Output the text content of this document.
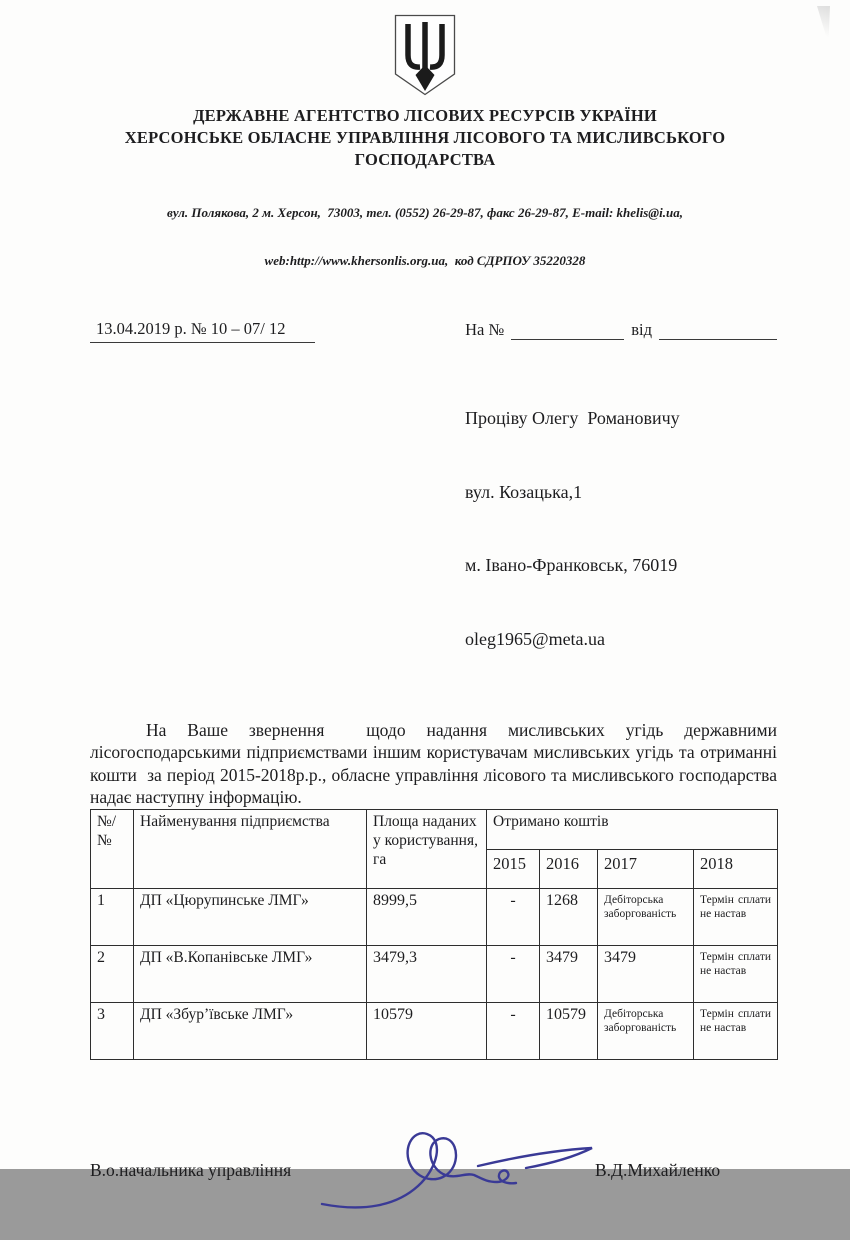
ДЕРЖАВНЕ АГЕНТСТВО ЛІСОВИХ РЕСУРСІВ УКРАЇНИ
ХЕРСОНСЬКЕ ОБЛАСНЕ УПРАВЛІННЯ ЛІСОВОГО ТА МИСЛИВСЬКОГО
ГОСПОДАРСТВА

вул. Полякова, 2 м. Херсон,  73003, тел. (0552) 26-29-87, факс 26-29-87, E-mail: khelis@i.ua,

web:http://www.khersonlis.org.ua,  код СДРПОУ 35220328

13.04.2019 р. № 10 – 07/ 12	На №	від

Проціву Олегу  Романовичу

вул. Козацька,1

м. Івано-Франковськ, 76019

oleg1965@meta.ua

На Ваше звернення  щодо надання мисливських угідь державними лісогосподарськими підприємствами іншим користувачам мисливських угідь та отриманні кошти  за період 2015-2018р.р., обласне управління лісового та мисливського господарства надає наступну інформацію.
№/ №	Найменування підприємства	Площа наданих у користування, га	Отримано коштів			
			2015	2016	2017	2018
1	ДП «Цюрупинське ЛМГ»	8999,5	-	1268	Дебіторська заборгованість	Термін сплати не настав
2	ДП «В.Копанівське ЛМГ»	3479,3	-	3479	3479	Термін сплати не настав
3	ДП «Збур’ївське ЛМГ»	10579	-	10579	Дебіторська заборгованість	Термін сплати не настав
В.о.начальника управління	В.Д.Михайленко
